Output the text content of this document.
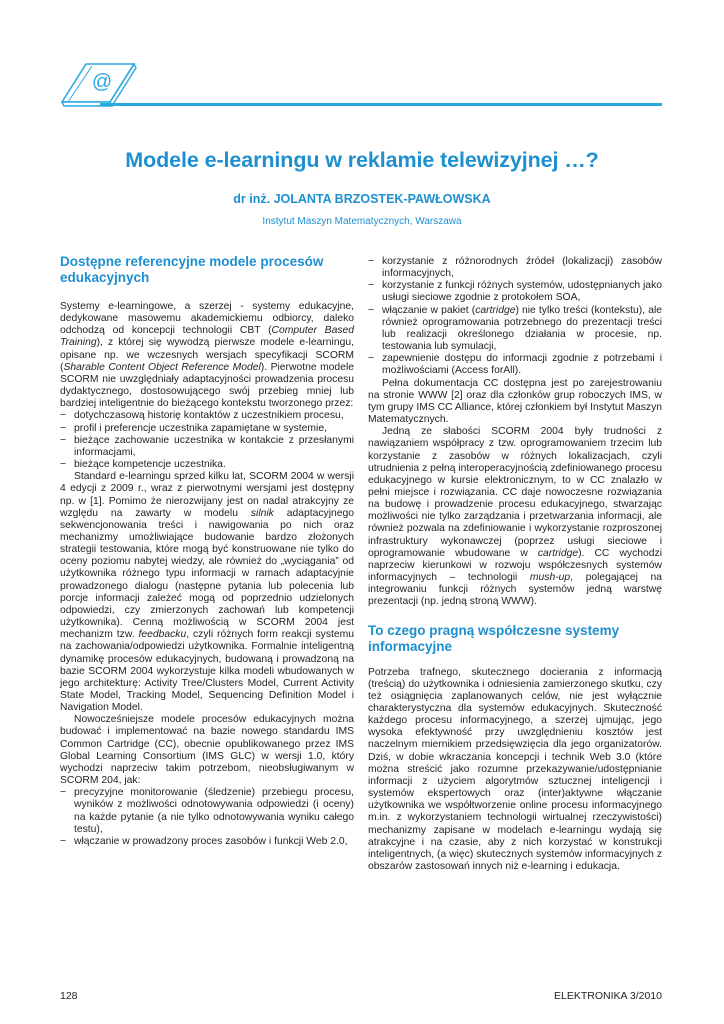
@
Modele e-learningu w reklamie telewizyjnej …?
dr inż. JOLANTA BRZOSTEK-PAWŁOWSKA
Instytut Maszyn Matematycznych, Warszawa
Dostępne referencyjne modele procesów edukacyjnych

Systemy e-learningowe, a szerzej - systemy edukacyjne, dedykowane masowemu akademickiemu odbiorcy, daleko odchodzą od koncepcji technologii CBT (Computer Based Training), z której się wywodzą pierwsze modele e-learningu, opisane np. we wczesnych wersjach specyfikacji SCORM (Sharable Content Object Reference Model). Pierwotne modele SCORM nie uwzględniały adaptacyjności prowadzenia procesu dydaktycznego, dostosowującego swój przebieg mniej lub bardziej inteligentnie do bieżącego kontekstu tworzonego przez:

− dotychczasową historię kontaktów z uczestnikiem procesu,
− profil i preferencje uczestnika zapamiętane w systemie,
− bieżące zachowanie uczestnika w kontakcie z przesłanymi informacjami,
− bieżące kompetencje uczestnika.

Standard e-learningu sprzed kilku lat, SCORM 2004 w wersji 4 edycji z 2009 r., wraz z pierwotnymi wersjami jest dostępny np. w [1]. Pomimo że nierozwijany jest on nadal atrakcyjny ze względu na zawarty w modelu silnik adaptacyjnego sekwencjonowania treści i nawigowania po nich oraz mechanizmy umożliwiające budowanie bardzo złożonych strategii testowania, które mogą być konstruowane nie tylko do oceny poziomu nabytej wiedzy, ale również do „wyciągania” od użytkownika różnego typu informacji w ramach adaptacyjnie prowadzonego dialogu (następne pytania lub polecenia lub porcje informacji zależeć mogą od poprzednio udzielonych odpowiedzi, czy zmierzonych zachowań lub kompetencji użytkownika). Cenną możliwością w SCORM 2004 jest mechanizm tzw. feedbacku, czyli różnych form reakcji systemu na zachowania/odpowiedzi użytkownika. Formalnie inteligentną dynamikę procesów edukacyjnych, budowaną i prowadzoną na bazie SCORM 2004 wykorzystuje kilka modeli wbudowanych w jego architekturę: Activity Tree/Clusters Model, Current Activity State Model, Tracking Model, Sequencing Definition Model i Navigation Model.

Nowocześniejsze modele procesów edukacyjnych można budować i implementować na bazie nowego standardu IMS Common Cartridge (CC), obecnie opublikowanego przez IMS Global Learning Consortium (IMS GLC) w wersji 1.0, który wychodzi naprzeciw takim potrzebom, nieobsługiwanym w SCORM 204, jak:

− precyzyjne monitorowanie (śledzenie) przebiegu procesu, wyników z możliwości odnotowywania odpowiedzi (i oceny) na każde pytanie (a nie tylko odnotowywania wyniku całego testu),
− włączanie w prowadzony proces zasobów i funkcji Web 2.0,
− korzystanie z różnorodnych źródeł (lokalizacji) zasobów informacyjnych,
− korzystanie z funkcji różnych systemów, udostępnianych jako usługi sieciowe zgodnie z protokołem SOA,
− włączanie w pakiet (cartridge) nie tylko treści (kontekstu), ale również oprogramowania potrzebnego do prezentacji treści lub realizacji określonego działania w procesie, np. testowania lub symulacji,
− zapewnienie dostępu do informacji zgodnie z potrzebami i możliwościami (Access forAll).

Pełna dokumentacja CC dostępna jest po zarejestrowaniu na stronie WWW [2] oraz dla członków grup roboczych IMS, w tym grupy IMS CC Alliance, której członkiem był Instytut Maszyn Matematycznych.

Jedną ze słabości SCORM 2004 były trudności z nawiązaniem współpracy z tzw. oprogramowaniem trzecim lub korzystanie z zasobów w różnych lokalizacjach, czyli utrudnienia z pełną interoperacyjnością zdefiniowanego procesu edukacyjnego w kursie elektronicznym, to w CC znalazło w pełni miejsce i rozwiązania. CC daje nowoczesne rozwiązania na budowę i prowadzenie procesu edukacyjnego, stwarzając możliwości nie tylko zarządzania i przetwarzania informacji, ale również pozwala na zdefiniowanie i wykorzystanie rozproszonej infrastruktury wykonawczej (poprzez usługi sieciowe i oprogramowanie wbudowane w cartridge). CC wychodzi naprzeciw kierunkowi w rozwoju współczesnych systemów informacyjnych – technologii mush-up, polegającej na integrowaniu funkcji różnych systemów jedną warstwę prezentacji (np. jedną stroną WWW).

To czego pragną współczesne systemy informacyjne

Potrzeba trafnego, skutecznego docierania z informacją (treścią) do użytkownika i odniesienia zamierzonego skutku, czy też osiągnięcia zaplanowanych celów, nie jest wyłącznie charakterystyczna dla systemów edukacyjnych. Skuteczność każdego procesu informacyjnego, a szerzej ujmując, jego wysoka efektywność przy uwzględnieniu kosztów jest naczelnym miernikiem przedsięwzięcia dla jego organizatorów. Dziś, w dobie wkraczania koncepcji i technik Web 3.0 (które można streścić jako rozumne przekazywanie/udostępnianie informacji z użyciem algorytmów sztucznej inteligencji i systemów ekspertowych oraz (inter)aktywne włączanie użytkownika we współtworzenie online procesu informacyjnego m.in. z wykorzystaniem technologii wirtualnej rzeczywistości) mechanizmy zapisane w modelach e-learningu wydają się atrakcyjne i na czasie, aby z nich korzystać w konstrukcji inteligentnych, (a więc) skutecznych systemów informacyjnych z obszarów zastosowań innych niż e-learning i edukacja.

128	ELEKTRONIKA 3/2010
